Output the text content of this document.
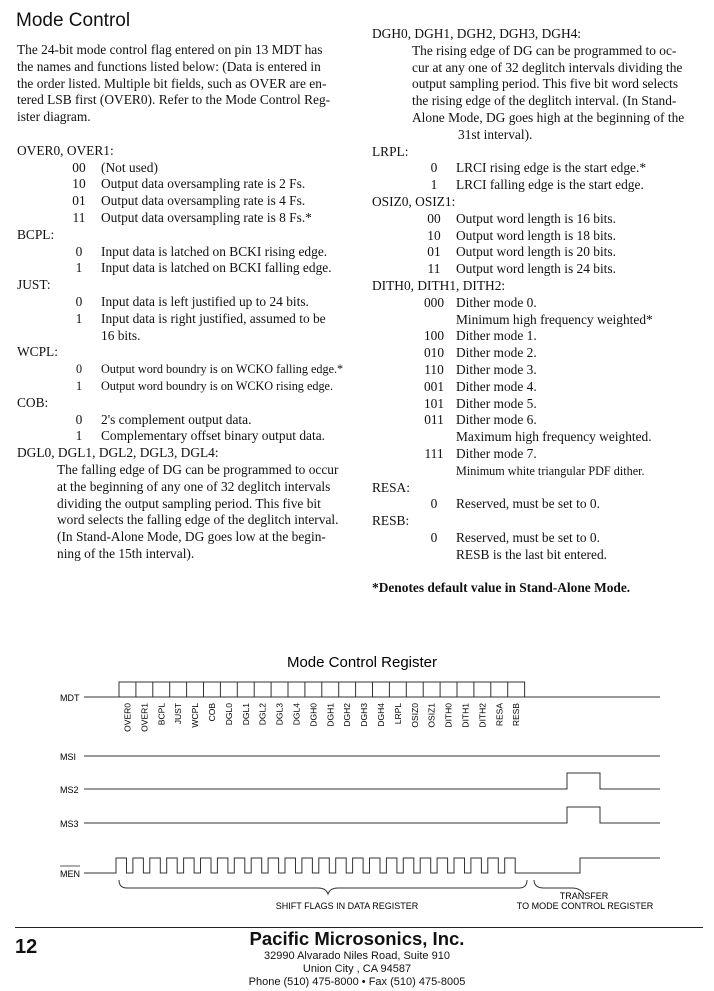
Mode Control
The 24-bit mode control flag entered on pin 13 MDT has
the names and functions listed below: (Data is entered in
the order listed. Multiple bit fields, such as OVER are en-
tered LSB first (OVER0). Refer to the Mode Control Reg-
ister diagram.
OVER0, OVER1:
00 (Not used)
10 Output data oversampling rate is 2 Fs.
01 Output data oversampling rate is 4 Fs.
11 Output data oversampling rate is 8 Fs.*
BCPL:
0 Input data is latched on BCKI rising edge.
1 Input data is latched on BCKI falling edge.
JUST:
0 Input data is left justified up to 24 bits.
1 Input data is right justified, assumed to be
16 bits.
WCPL:
0 Output word boundry is on WCKO falling edge.*
1 Output word boundry is on WCKO rising edge.
COB:
0 2's complement output data.
1 Complementary offset binary output data.
DGL0, DGL1, DGL2, DGL3, DGL4:
The falling edge of DG can be programmed to occur
at the beginning of any one of 32 deglitch intervals
dividing the output sampling period. This five bit
word selects the falling edge of the deglitch interval.
(In Stand-Alone Mode, DG goes low at the begin-
ning of the 15th interval).
DGH0, DGH1, DGH2, DGH3, DGH4:
The rising edge of DG can be programmed to oc-
cur at any one of 32 deglitch intervals dividing the
output sampling period. This five bit word selects
the rising edge of the deglitch interval. (In Stand-
Alone Mode, DG goes high at the beginning of the
31st interval).
LRPL:
0 LRCI rising edge is the start edge.*
1 LRCI falling edge is the start edge.
OSIZ0, OSIZ1:
00 Output word length is 16 bits.
10 Output word length is 18 bits.
01 Output word length is 20 bits.
11 Output word length is 24 bits.
DITH0, DITH1, DITH2:
000 Dither mode 0.
Minimum high frequency weighted*
100 Dither mode 1.
010 Dither mode 2.
110 Dither mode 3.
001 Dither mode 4.
101 Dither mode 5.
011 Dither mode 6.
Maximum high frequency weighted.
111 Dither mode 7.
Minimum white triangular PDF dither.
RESA:
0 Reserved, must be set to 0.
RESB:
0 Reserved, must be set to 0.
RESB is the last bit entered.
*Denotes default value in Stand-Alone Mode.
Mode Control Register
MDT
MSI
MS2
MS3
MEN
OVER0 OVER1 BCPL JUST WCPL COB DGL0 DGL1 DGL2 DGL3 DGL4 DGH0 DGH1 DGH2 DGH3 DGH4 LRPL OSIZ0 OSIZ1 DITH0 DITH1 DITH2 RESA RESB
SHIFT FLAGS IN DATA REGISTER
TRANSFER
TO MODE CONTROL REGISTER
12	Pacific Microsonics, Inc.
32990 Alvarado Niles Road, Suite 910
Union City , CA 94587
Phone (510) 475-8000 • Fax (510) 475-8005
